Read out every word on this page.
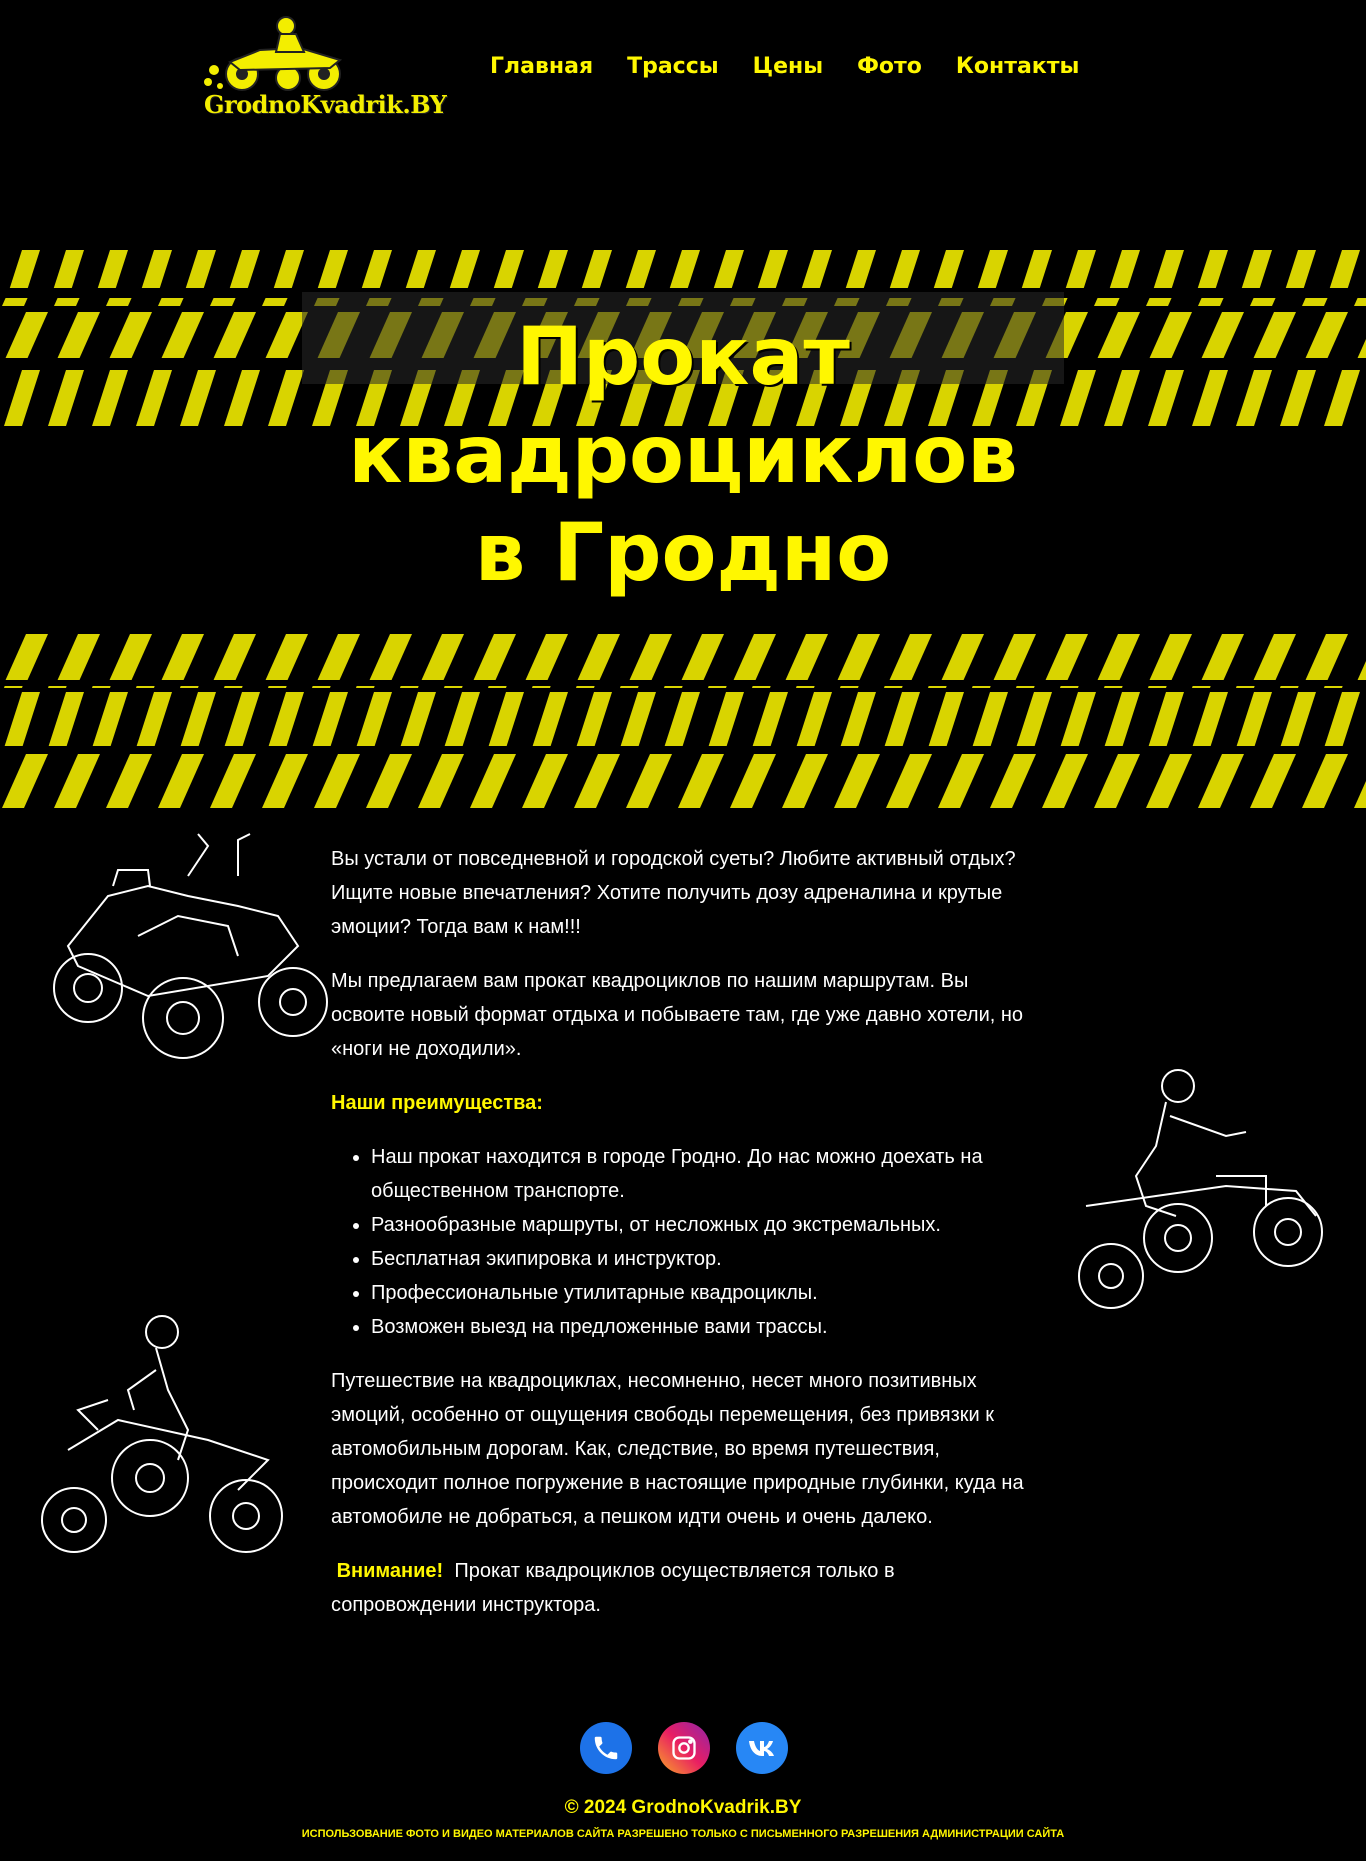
GrodnoKvadrik.BY
Главная Трассы Цены Фото Контакты
Прокат
квадроциклов
в Гродно

Вы устали от повседневной и городской суеты? Любите активный отдых? Ищите новые впечатления? Хотите получить дозу адреналина и крутые эмоции? Тогда вам к нам!!!

Мы предлагаем вам прокат квадроциклов по нашим маршрутам. Вы освоите новый формат отдыха и побываете там, где уже давно хотели, но «ноги не доходили».

Наши преимущества:

• Наш прокат находится в городе Гродно. До нас можно доехать на общественном транспорте.
• Разнообразные маршруты, от несложных до экстремальных.
• Бесплатная экипировка и инструктор.
• Профессиональные утилитарные квадроциклы.
• Возможен выезд на предложенные вами трассы.

Путешествие на квадроциклах, несомненно, несет много позитивных эмоций, особенно от ощущения свободы перемещения, без привязки к автомобильным дорогам. Как, следствие, во время путешествия, происходит полное погружение в настоящие природные глубинки, куда на автомобиле не добраться, а пешком идти очень и очень далеко.

Внимание! Прокат квадроциклов осуществляется только в сопровождении инструктора.

© 2024 GrodnoKvadrik.BY
ИСПОЛЬЗОВАНИЕ ФОТО И ВИДЕО МАТЕРИАЛОВ САЙТА РАЗРЕШЕНО ТОЛЬКО С ПИСЬМЕННОГО РАЗРЕШЕНИЯ АДМИНИСТРАЦИИ САЙТА
